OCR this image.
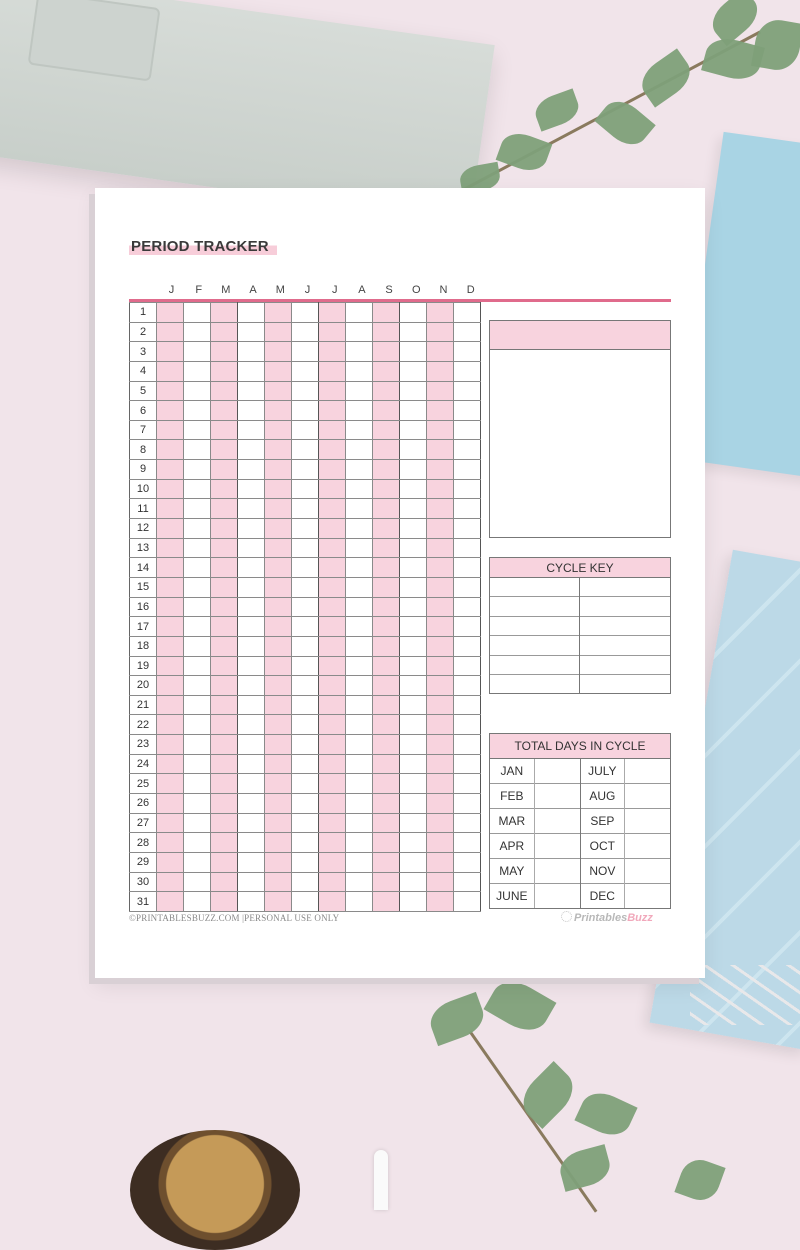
PERIOD TRACKER
J	F	M	A	M	J	J	A	S	O	N	D
1												
2												
3												
4												
5												
6												
7												
8												
9												
10												
11												
12												
13												
14												
15												
16												
17												
18												
19												
20												
21												
22												
23												
24												
25												
26												
27												
28												
29												
30												
31												
CYCLE KEY

TOTAL DAYS IN CYCLE
JAN		JULY	
FEB		AUG	
MAR		SEP	
APR		OCT	
MAY		NOV	
JUNE		DEC	
©PRINTABLESBUZZ.COM |PERSONAL USE ONLY	PrintablesBuzz
